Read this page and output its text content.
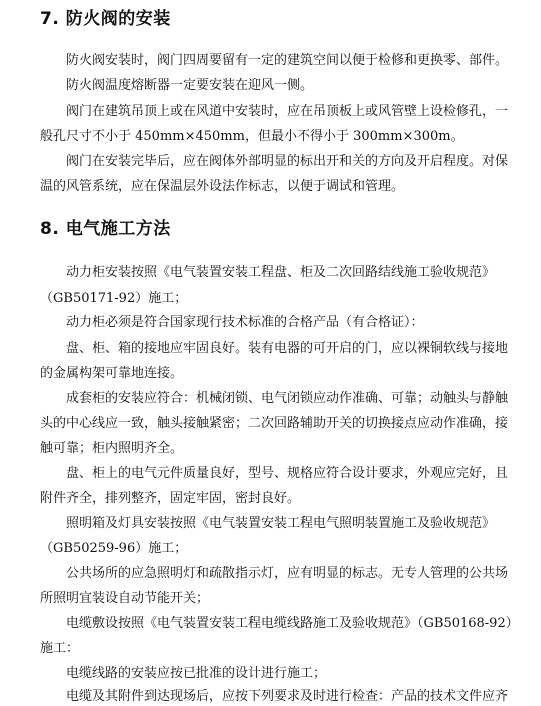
7. 防火阀的安装
防火阀安装时，阀门四周要留有一定的建筑空间以便于检修和更换零、部件。
防火阀温度熔断器一定要安装在迎风一侧。
阀门在建筑吊顶上或在风道中安装时，应在吊顶板上或风管壁上设检修孔，一
般孔尺寸不小于 450mm×450mm，但最小不得小于 300mm×300m。
阀门在安装完毕后，应在阀体外部明显的标出开和关的方向及开启程度。对保
温的风管系统，应在保温层外设法作标志，以便于调试和管理。
8. 电气施工方法
动力柜安装按照《电气装置安装工程盘、柜及二次回路结线施工验收规范》
（GB50171-92）施工；
动力柜必须是符合国家现行技术标准的合格产品（有合格证）：
盘、柜、箱的接地应牢固良好。装有电器的可开启的门，应以裸铜软线与接地
的金属构架可靠地连接。
成套柜的安装应符合：机械闭锁、电气闭锁应动作准确、可靠；动触头与静触
头的中心线应一致，触头接触紧密；二次回路辅助开关的切换接点应动作准确，接
触可靠；柜内照明齐全。
盘、柜上的电气元件质量良好，型号、规格应符合设计要求，外观应完好，且
附件齐全，排列整齐，固定牢固，密封良好。
照明箱及灯具安装按照《电气装置安装工程电气照明装置施工及验收规范》
（GB50259-96）施工；
公共场所的应急照明灯和疏散指示灯，应有明显的标志。无专人管理的公共场
所照明宜装设自动节能开关；
电缆敷设按照《电气装置安装工程电缆线路施工及验收规范》（GB50168-92）
施工：
电缆线路的安装应按已批准的设计进行施工；
电缆及其附件到达现场后，应按下列要求及时进行检查：产品的技术文件应齐
